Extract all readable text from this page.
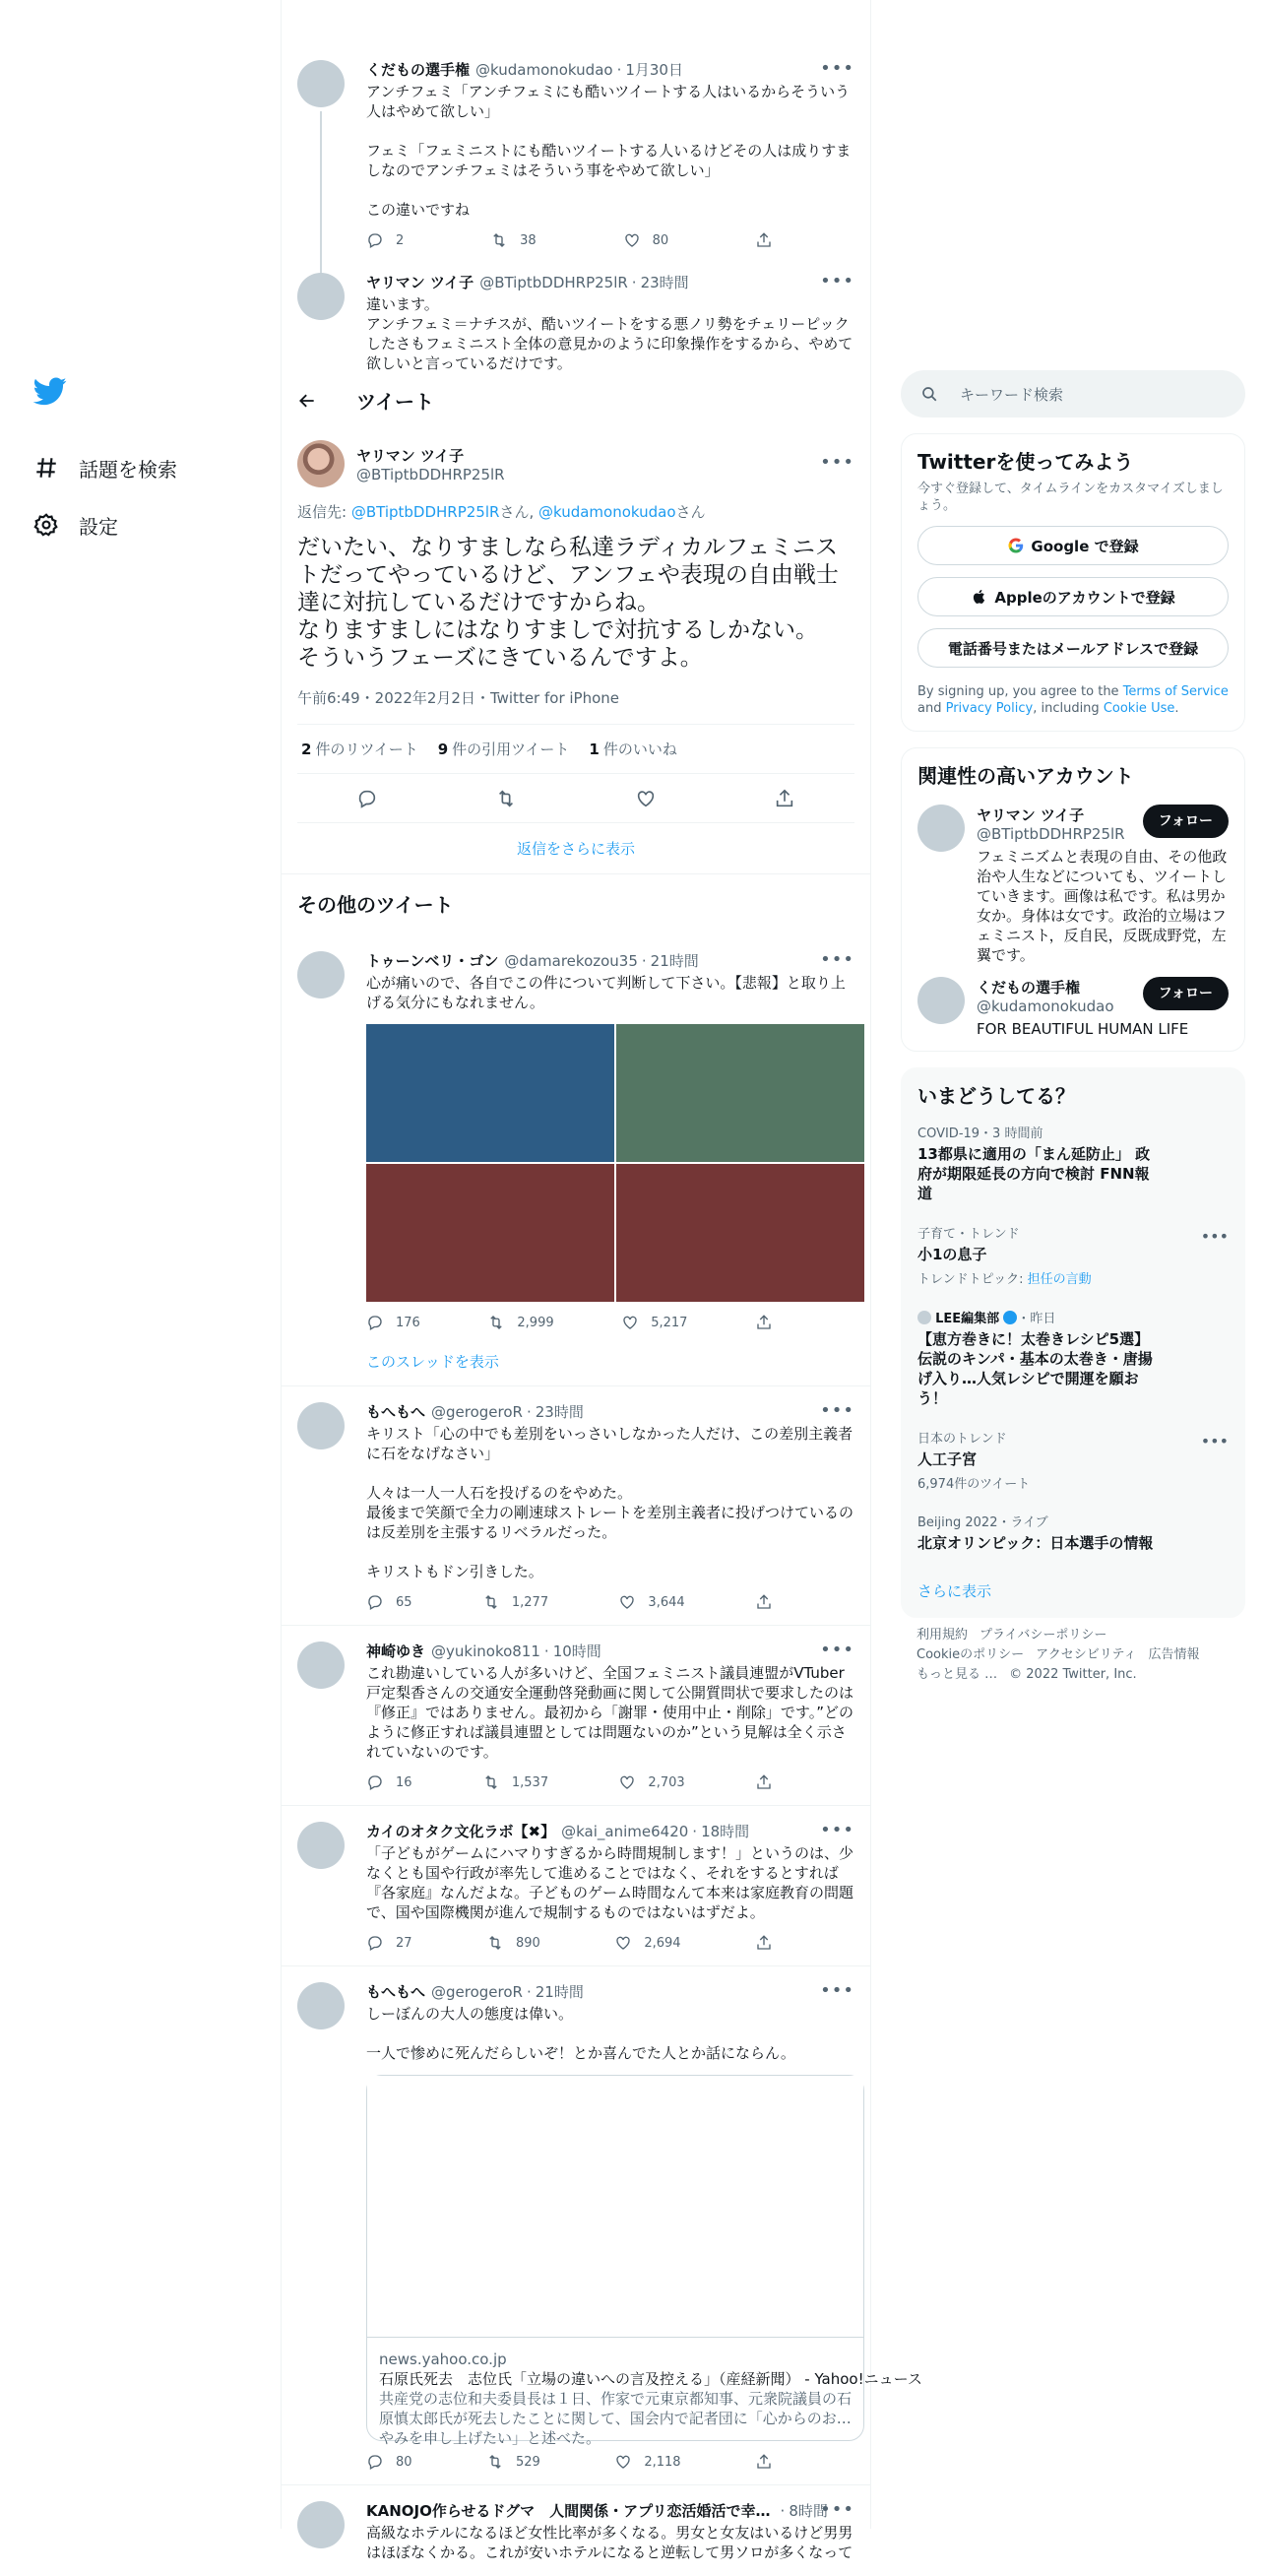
話題を検索
設定
くだもの選手権 @kudamonokudao · 1月30日	•••
アンチフェミ「アンチフェミにも酷いツイートする人はいるからそういう人はやめて欲しい」

フェミ「フェミニストにも酷いツイートする人いるけどその人は成りすましなのでアンチフェミはそういう事をやめて欲しい」

この違いですね
2	38	80
ヤリマン ツイ子 @BTiptbDDHRP25lR · 23時間	•••
違います。
アンチフェミ＝ナチスが、酷いツイートをする悪ノリ勢をチェリーピックしたさもフェミニスト全体の意見かのように印象操作をするから、やめて欲しいと言っているだけです。
ツイート
ヤリマン ツイ子
@BTiptbDDHRP25lR
•••
返信先: @BTiptbDDHRP25lRさん, @kudamonokudaoさん
だいたい、なりすましなら私達ラディカルフェミニストだってやっているけど、アンフェや表現の自由戦士達に対抗しているだけですからね。
なりますましにはなりすましで対抗するしかない。
そういうフェーズにきているんですよ。
午前6:49・2022年2月2日・Twitter for iPhone
2 件のリツイート 9 件の引用ツイート 1 件のいいね
返信をさらに表示
その他のツイート
トゥーンベリ・ゴン @damarekozou35 · 21時間	•••
心が痛いので、各自でこの件について判断して下さい。【悲報】と取り上げる気分にもなれません。
176	2,999	5,217
このスレッドを表示
もへもへ @gerogeroR · 23時間	•••
キリスト「心の中でも差別をいっさいしなかった人だけ、この差別主義者に石をなげなさい」

人々は一人一人石を投げるのをやめた。
最後まで笑顔で全力の剛速球ストレートを差別主義者に投げつけているのは反差別を主張するリベラルだった。

キリストもドン引きした。
65	1,277	3,644
神崎ゆき @yukinoko811 · 10時間	•••
これ勘違いしている人が多いけど、全国フェミニスト議員連盟がVTuber戸定梨香さんの交通安全運動啓発動画に関して公開質問状で要求したのは『修正』ではありません。最初から「謝罪・使用中止・削除」です。”どのように修正すれば議員連盟としては問題ないのか”という見解は全く示されていないのです。
16	1,537	2,703
カイのオタク文化ラボ【✖】 @kai_anime6420 · 18時間	•••
「子どもがゲームにハマりすぎるから時間規制します！」というのは、少なくとも国や行政が率先して進めることではなく、それをするとすれば『各家庭』なんだよな。子どものゲーム時間なんて本来は家庭教育の問題で、国や国際機関が進んで規制するものではないはずだよ。
27	890	2,694
もへもへ @gerogeroR · 21時間	•••
しーぼんの大人の態度は偉い。

一人で惨めに死んだらしいぞ！とか喜んでた人とか話にならん。
news.yahoo.co.jp
石原氏死去　志位氏「立場の違いへの言及控える」（産経新聞） - Yahoo!ニュース
共産党の志位和夫委員長は１日、作家で元東京都知事、元衆院議員の石原慎太郎氏が死去したことに関して、国会内で記者団に「心からのお悔やみを申し上げたい」と述べた。
80	529	2,118
KANOJO作らせるドグマ　人間関係・アプリ恋活婚活で幸… · 8時間
•••
高級なホテルになるほど女性比率が多くなる。男女と女友はいるけど男男はほぼなくかる。これが安いホテルになると逆転して男ソロが多くなって
キーワード検索
Twitterを使ってみよう
今すぐ登録して、タイムラインをカスタマイズしましょう。
Google で登録
Appleのアカウントで登録
電話番号またはメールアドレスで登録
By signing up, you agree to the Terms of Service and Privacy Policy, including Cookie Use.
関連性の高いアカウント
ヤリマン ツイ子
@BTiptbDDHRP25lR
フェミニズムと表現の自由、その他政治や人生などについても、ツイートしていきます。画像は私です。私は男か女か。身体は女です。政治的立場はフェミニスト，反自民，反既成野党，左翼です。
フォロー
くだもの選手権
@kudamonokudao
FOR BEAUTIFUL HUMAN LIFE
フォロー
いまどうしてる？
COVID-19・3 時間前
13都県に適用の「まん延防止」 政府が期限延長の方向で検討 FNN報道
子育て・トレンド
小1の息子
トレンドトピック: 担任の言動
•••
LEE編集部 ・昨日
【恵方巻きに！太巻きレシピ5選】伝説のキンパ・基本の太巻き・唐揚げ入り…人気レシピで開運を願おう！
日本のトレンド
人工子宮
6,974件のツイート
•••
Beijing 2022・ライブ
北京オリンピック：日本選手の情報
さらに表示
利用規約 プライバシーポリシー
Cookieのポリシー アクセシビリティ 広告情報
もっと見る … © 2022 Twitter, Inc.
